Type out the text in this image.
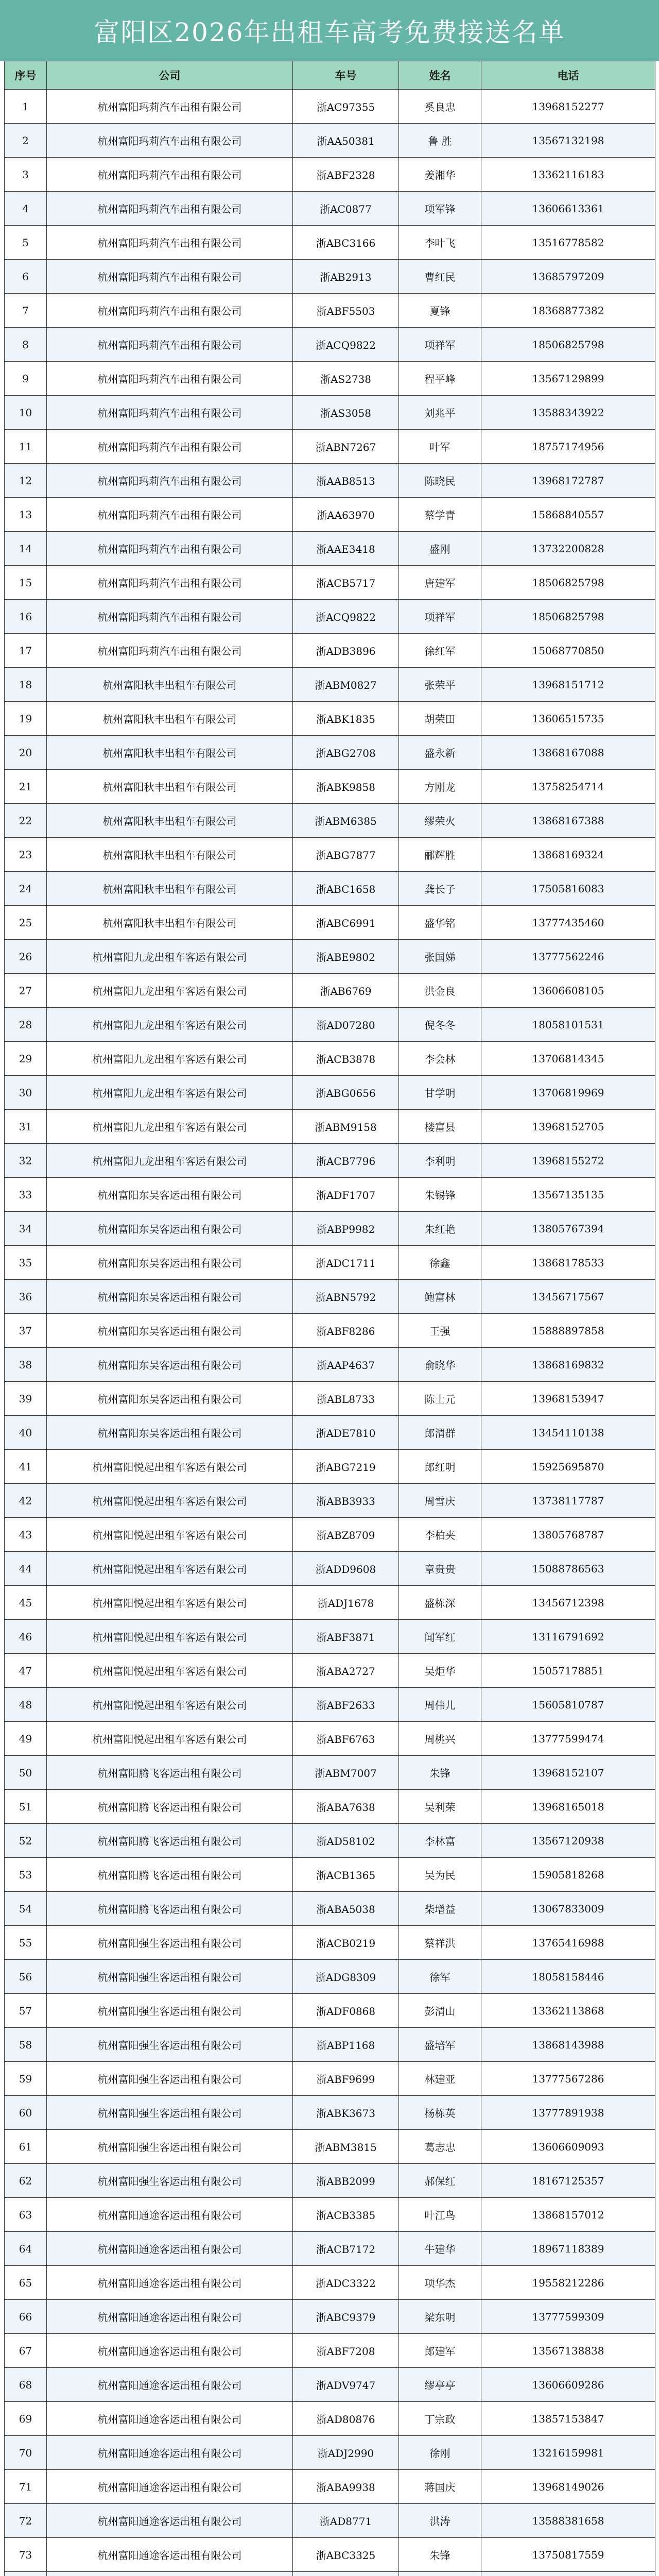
富阳区2026年出租车高考免费接送名单
序号	公司	车号	姓名	电话
1	杭州富阳玛莉汽车出租有限公司	浙AC97355	奚良忠	13968152277
2	杭州富阳玛莉汽车出租有限公司	浙AA50381	鲁 胜	13567132198
3	杭州富阳玛莉汽车出租有限公司	浙ABF2328	姜湘华	13362116183
4	杭州富阳玛莉汽车出租有限公司	浙AC0877	项军锋	13606613361
5	杭州富阳玛莉汽车出租有限公司	浙ABC3166	李叶飞	13516778582
6	杭州富阳玛莉汽车出租有限公司	浙AB2913	曹红民	13685797209
7	杭州富阳玛莉汽车出租有限公司	浙ABF5503	夏锋	18368877382
8	杭州富阳玛莉汽车出租有限公司	浙ACQ9822	项祥军	18506825798
9	杭州富阳玛莉汽车出租有限公司	浙AS2738	程平峰	13567129899
10	杭州富阳玛莉汽车出租有限公司	浙AS3058	刘兆平	13588343922
11	杭州富阳玛莉汽车出租有限公司	浙ABN7267	叶军	18757174956
12	杭州富阳玛莉汽车出租有限公司	浙AAB8513	陈晓民	13968172787
13	杭州富阳玛莉汽车出租有限公司	浙AA63970	蔡学青	15868840557
14	杭州富阳玛莉汽车出租有限公司	浙AAE3418	盛刚	13732200828
15	杭州富阳玛莉汽车出租有限公司	浙ACB5717	唐建军	18506825798
16	杭州富阳玛莉汽车出租有限公司	浙ACQ9822	项祥军	18506825798
17	杭州富阳玛莉汽车出租有限公司	浙ADB3896	徐红军	15068770850
18	杭州富阳秋丰出租车有限公司	浙ABM0827	张荣平	13968151712
19	杭州富阳秋丰出租车有限公司	浙ABK1835	胡荣田	13606515735
20	杭州富阳秋丰出租车有限公司	浙ABG2708	盛永新	13868167088
21	杭州富阳秋丰出租车有限公司	浙ABK9858	方刚龙	13758254714
22	杭州富阳秋丰出租车有限公司	浙ABM6385	缪荣火	13868167388
23	杭州富阳秋丰出租车有限公司	浙ABG7877	郦辉胜	13868169324
24	杭州富阳秋丰出租车有限公司	浙ABC1658	龚长子	17505816083
25	杭州富阳秋丰出租车有限公司	浙ABC6991	盛华铭	13777435460
26	杭州富阳九龙出租车客运有限公司	浙ABE9802	张国娣	13777562246
27	杭州富阳九龙出租车客运有限公司	浙AB6769	洪金良	13606608105
28	杭州富阳九龙出租车客运有限公司	浙AD07280	倪冬冬	18058101531
29	杭州富阳九龙出租车客运有限公司	浙ACB3878	李会林	13706814345
30	杭州富阳九龙出租车客运有限公司	浙ABG0656	甘学明	13706819969
31	杭州富阳九龙出租车客运有限公司	浙ABM9158	楼富县	13968152705
32	杭州富阳九龙出租车客运有限公司	浙ACB7796	李利明	13968155272
33	杭州富阳东吴客运出租有限公司	浙ADF1707	朱锡锋	13567135135
34	杭州富阳东吴客运出租有限公司	浙ABP9982	朱红艳	13805767394
35	杭州富阳东吴客运出租有限公司	浙ADC1711	徐鑫	13868178533
36	杭州富阳东吴客运出租有限公司	浙ABN5792	鲍富林	13456717567
37	杭州富阳东吴客运出租有限公司	浙ABF8286	王强	15888897858
38	杭州富阳东吴客运出租有限公司	浙AAP4637	俞晓华	13868169832
39	杭州富阳东吴客运出租有限公司	浙ABL8733	陈士元	13968153947
40	杭州富阳东吴客运出租有限公司	浙ADE7810	郎渭群	13454110138
41	杭州富阳悦起出租车客运有限公司	浙ABG7219	郎红明	15925695870
42	杭州富阳悦起出租车客运有限公司	浙ABB3933	周雪庆	13738117787
43	杭州富阳悦起出租车客运有限公司	浙ABZ8709	李柏夹	13805768787
44	杭州富阳悦起出租车客运有限公司	浙ADD9608	章贵贵	15088786563
45	杭州富阳悦起出租车客运有限公司	浙ADJ1678	盛栋深	13456712398
46	杭州富阳悦起出租车客运有限公司	浙ABF3871	闻军红	13116791692
47	杭州富阳悦起出租车客运有限公司	浙ABA2727	吴炬华	15057178851
48	杭州富阳悦起出租车客运有限公司	浙ABF2633	周伟儿	15605810787
49	杭州富阳悦起出租车客运有限公司	浙ABF6763	周桃兴	13777599474
50	杭州富阳腾飞客运出租有限公司	浙ABM7007	朱锋	13968152107
51	杭州富阳腾飞客运出租有限公司	浙ABA7638	吴利荣	13968165018
52	杭州富阳腾飞客运出租有限公司	浙AD58102	李林富	13567120938
53	杭州富阳腾飞客运出租有限公司	浙ACB1365	吴为民	15905818268
54	杭州富阳腾飞客运出租有限公司	浙ABA5038	柴增益	13067833009
55	杭州富阳强生客运出租有限公司	浙ACB0219	蔡祥洪	13765416988
56	杭州富阳强生客运出租有限公司	浙ADG8309	徐军	18058158446
57	杭州富阳强生客运出租有限公司	浙ADF0868	彭渭山	13362113868
58	杭州富阳强生客运出租有限公司	浙ABP1168	盛培军	13868143988
59	杭州富阳强生客运出租有限公司	浙ABF9699	林建亚	13777567286
60	杭州富阳强生客运出租有限公司	浙ABK3673	杨栋英	13777891938
61	杭州富阳强生客运出租有限公司	浙ABM3815	葛志忠	13606609093
62	杭州富阳强生客运出租有限公司	浙ABB2099	郝保红	18167125357
63	杭州富阳通途客运出租有限公司	浙ACB3385	叶江鸟	13868157012
64	杭州富阳通途客运出租有限公司	浙ACB7172	牛建华	18967118389
65	杭州富阳通途客运出租有限公司	浙ADC3322	项华杰	19558212286
66	杭州富阳通途客运出租有限公司	浙ABC9379	梁东明	13777599309
67	杭州富阳通途客运出租有限公司	浙ABF7208	郎建军	13567138838
68	杭州富阳通途客运出租有限公司	浙ADV9747	缪亭亭	13606609286
69	杭州富阳通途客运出租有限公司	浙AD80876	丁宗政	13857153847
70	杭州富阳通途客运出租有限公司	浙ADJ2990	徐刚	13216159981
71	杭州富阳通途客运出租有限公司	浙ABA9938	蒋国庆	13968149026
72	杭州富阳通途客运出租有限公司	浙AD8771	洪涛	13588381658
73	杭州富阳通途客运出租有限公司	浙ABC3325	朱锋	13750817559
